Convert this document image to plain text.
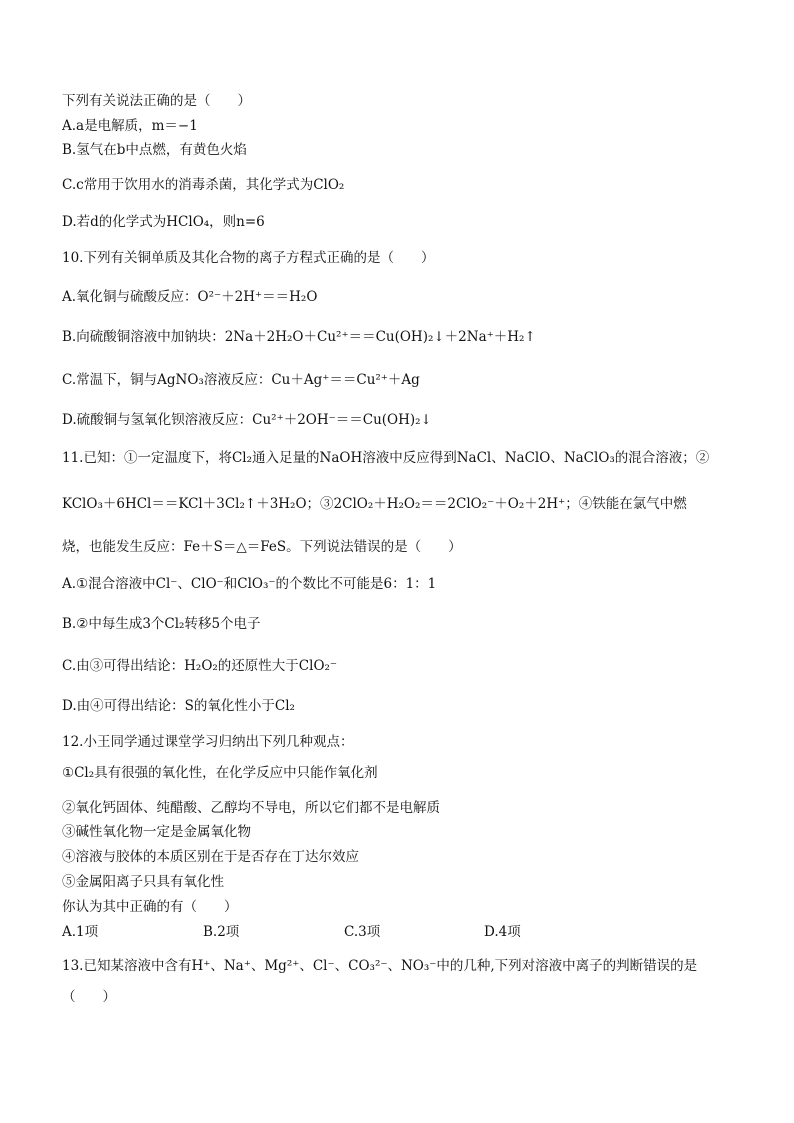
下列有关说法正确的是（　　）
A.a是电解质，m＝−1
B.氢气在b中点燃，有黄色火焰
C.c常用于饮用水的消毒杀菌，其化学式为ClO₂
D.若d的化学式为HClO₄，则n=6
10.下列有关铜单质及其化合物的离子方程式正确的是（　　）
A.氧化铜与硫酸反应：O²⁻＋2H⁺＝＝H₂O
B.向硫酸铜溶液中加钠块：2Na＋2H₂O＋Cu²⁺＝＝Cu(OH)₂↓＋2Na⁺＋H₂↑
C.常温下，铜与AgNO₃溶液反应：Cu＋Ag⁺＝＝Cu²⁺＋Ag
D.硫酸铜与氢氧化钡溶液反应：Cu²⁺＋2OH⁻＝＝Cu(OH)₂↓
11.已知：①一定温度下，将Cl₂通入足量的NaOH溶液中反应得到NaCl、NaClO、NaClO₃的混合溶液；②
KClO₃＋6HCl＝＝KCl＋3Cl₂↑＋3H₂O；③2ClO₂＋H₂O₂＝＝2ClO₂⁻＋O₂＋2H⁺；④铁能在氯气中燃
烧，也能发生反应：Fe＋S＝△＝FeS。下列说法错误的是（　　）
A.①混合溶液中Cl⁻、ClO⁻和ClO₃⁻的个数比不可能是6：1：1
B.②中每生成3个Cl₂转移5个电子
C.由③可得出结论：H₂O₂的还原性大于ClO₂⁻
D.由④可得出结论：S的氧化性小于Cl₂
12.小王同学通过课堂学习归纳出下列几种观点：
①Cl₂具有很强的氧化性，在化学反应中只能作氧化剂
②氧化钙固体、纯醋酸、乙醇均不导电，所以它们都不是电解质
③碱性氧化物一定是金属氧化物
④溶液与胶体的本质区别在于是否存在丁达尔效应
⑤金属阳离子只具有氧化性
你认为其中正确的有（　　）
A.1项	B.2项	C.3项	D.4项
13.已知某溶液中含有H⁺、Na⁺、Mg²⁺、Cl⁻、CO₃²⁻、NO₃⁻中的几种,下列对溶液中离子的判断错误的是
（　　）
